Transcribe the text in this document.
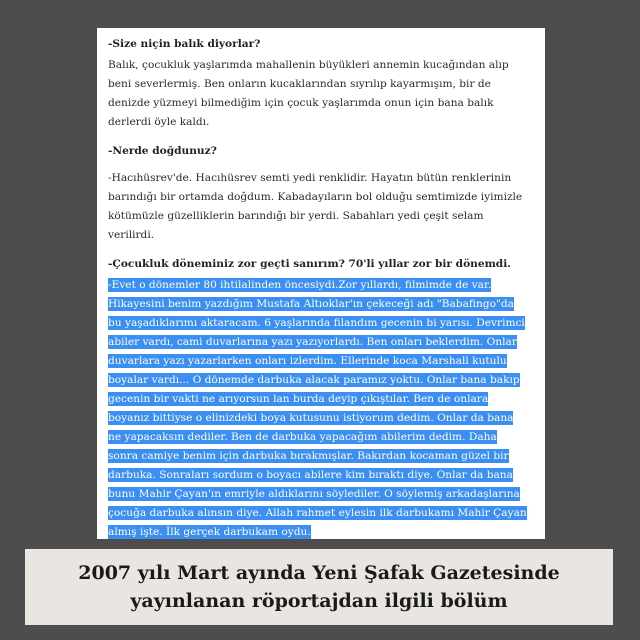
-Size niçin balık diyorlar?

Balık, çocukluk yaşlarımda mahallenin büyükleri annemin kucağından alıp beni severlermiş. Ben onların kucaklarından sıyrılıp kayarmışım, bir de denizde yüzmeyi bilmediğim için çocuk yaşlarımda onun için bana balık derlerdi öyle kaldı.

-Nerde doğdunuz?

-Hacıhüsrev'de. Hacıhüsrev semti yedi renklidir. Hayatın bütün renklerinin barındığı bir ortamda doğdum. Kabadayıların bol olduğu semtimizde iyimizle kötümüzle güzelliklerin barındığı bir yerdi. Sabahları yedi çeşit selam verilirdi.

-Çocukluk döneminiz zor geçti sanırım? 70'li yıllar zor bir dönemdi.

-Evet o dönemler 80 ihtilalinden öncesiydi.Zor yıllardı, filmimde de var. Hikayesini benim yazdığım Mustafa Altıoklar'ın çekeceği adı "Babafingo"da bu yaşadıklarımı aktaracam. 6 yaşlarında filandım gecenin bi yarısı. Devrimci abiler vardı, cami duvarlarına yazı yazıyorlardı. Ben onları beklerdim. Onlar duvarlara yazı yazarlarken onları izlerdim. Ellerinde koca Marshall kutulu boyalar vardı... O dönemde darbuka alacak paramız yoktu. Onlar bana bakıp gecenin bir vakti ne arıyorsun lan burda deyip çıkıştılar. Ben de onlara boyanız bittiyse o elinizdeki boya kutusunu istiyorum dedim. Onlar da bana ne yapacaksın dediler. Ben de darbuka yapacağım abilerim dedim. Daha sonra camiye benim için darbuka bırakmışlar. Bakırdan kocaman güzel bir darbuka. Sonraları sordum o boyacı abilere kim bıraktı diye. Onlar da bana bunu Mahir Çayan'ın emriyle aldıklarını söylediler. O söylemiş arkadaşlarına çocuğa darbuka alınsın diye. Allah rahmet eylesin ilk darbukamı Mahir Çayan almış işte. İlk gerçek darbukam oydu.

2007 yılı Mart ayında Yeni Şafak Gazetesinde
yayınlanan röportajdan ilgili bölüm
